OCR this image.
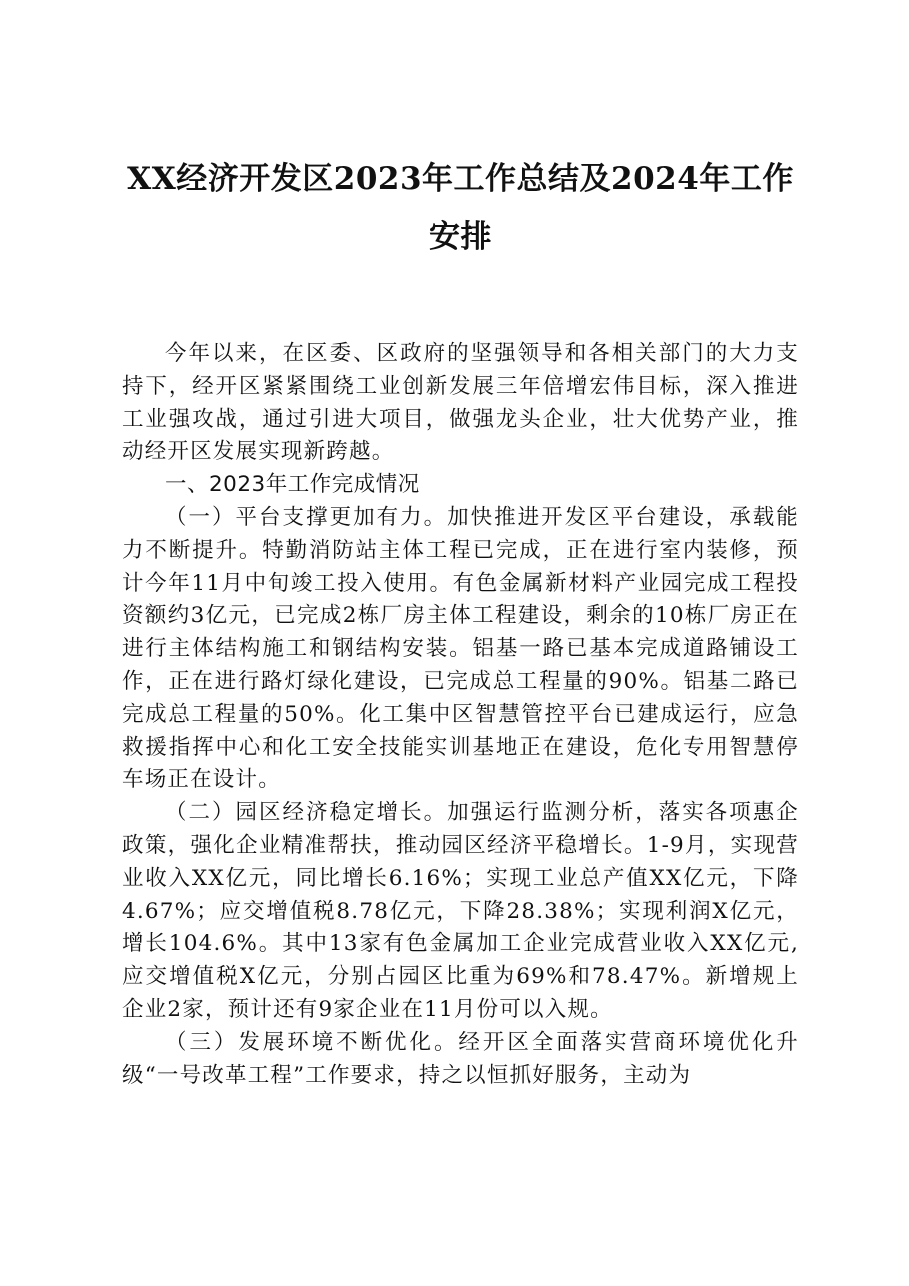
XX经济开发区2023年工作总结及2024年工作安排

今年以来，在区委、区政府的坚强领导和各相关部门的大力支持下，经开区紧紧围绕工业创新发展三年倍增宏伟目标，深入推进工业强攻战，通过引进大项目，做强龙头企业，壮大优势产业，推动经开区发展实现新跨越。

一、2023年工作完成情况

（一）平台支撑更加有力。加快推进开发区平台建设，承载能力不断提升。特勤消防站主体工程已完成，正在进行室内装修，预计今年11月中旬竣工投入使用。有色金属新材料产业园完成工程投资额约3亿元，已完成2栋厂房主体工程建设，剩余的10栋厂房正在进行主体结构施工和钢结构安装。铝基一路已基本完成道路铺设工作，正在进行路灯绿化建设，已完成总工程量的90%。铝基二路已完成总工程量的50%。化工集中区智慧管控平台已建成运行，应急救援指挥中心和化工安全技能实训基地正在建设，危化专用智慧停车场正在设计。

（二）园区经济稳定增长。加强运行监测分析，落实各项惠企政策，强化企业精准帮扶，推动园区经济平稳增长。1-9月，实现营业收入XX亿元，同比增长6.16%；实现工业总产值XX亿元，下降4.67%；应交增值税8.78亿元，下降28.38%；实现利润X亿元，增长104.6%。其中13家有色金属加工企业完成营业收入XX亿元,应交增值税X亿元，分别占园区比重为69%和78.47%。新增规上企业2家，预计还有9家企业在11月份可以入规。

（三）发展环境不断优化。经开区全面落实营商环境优化升级“一号改革工程”工作要求，持之以恒抓好服务，主动为
